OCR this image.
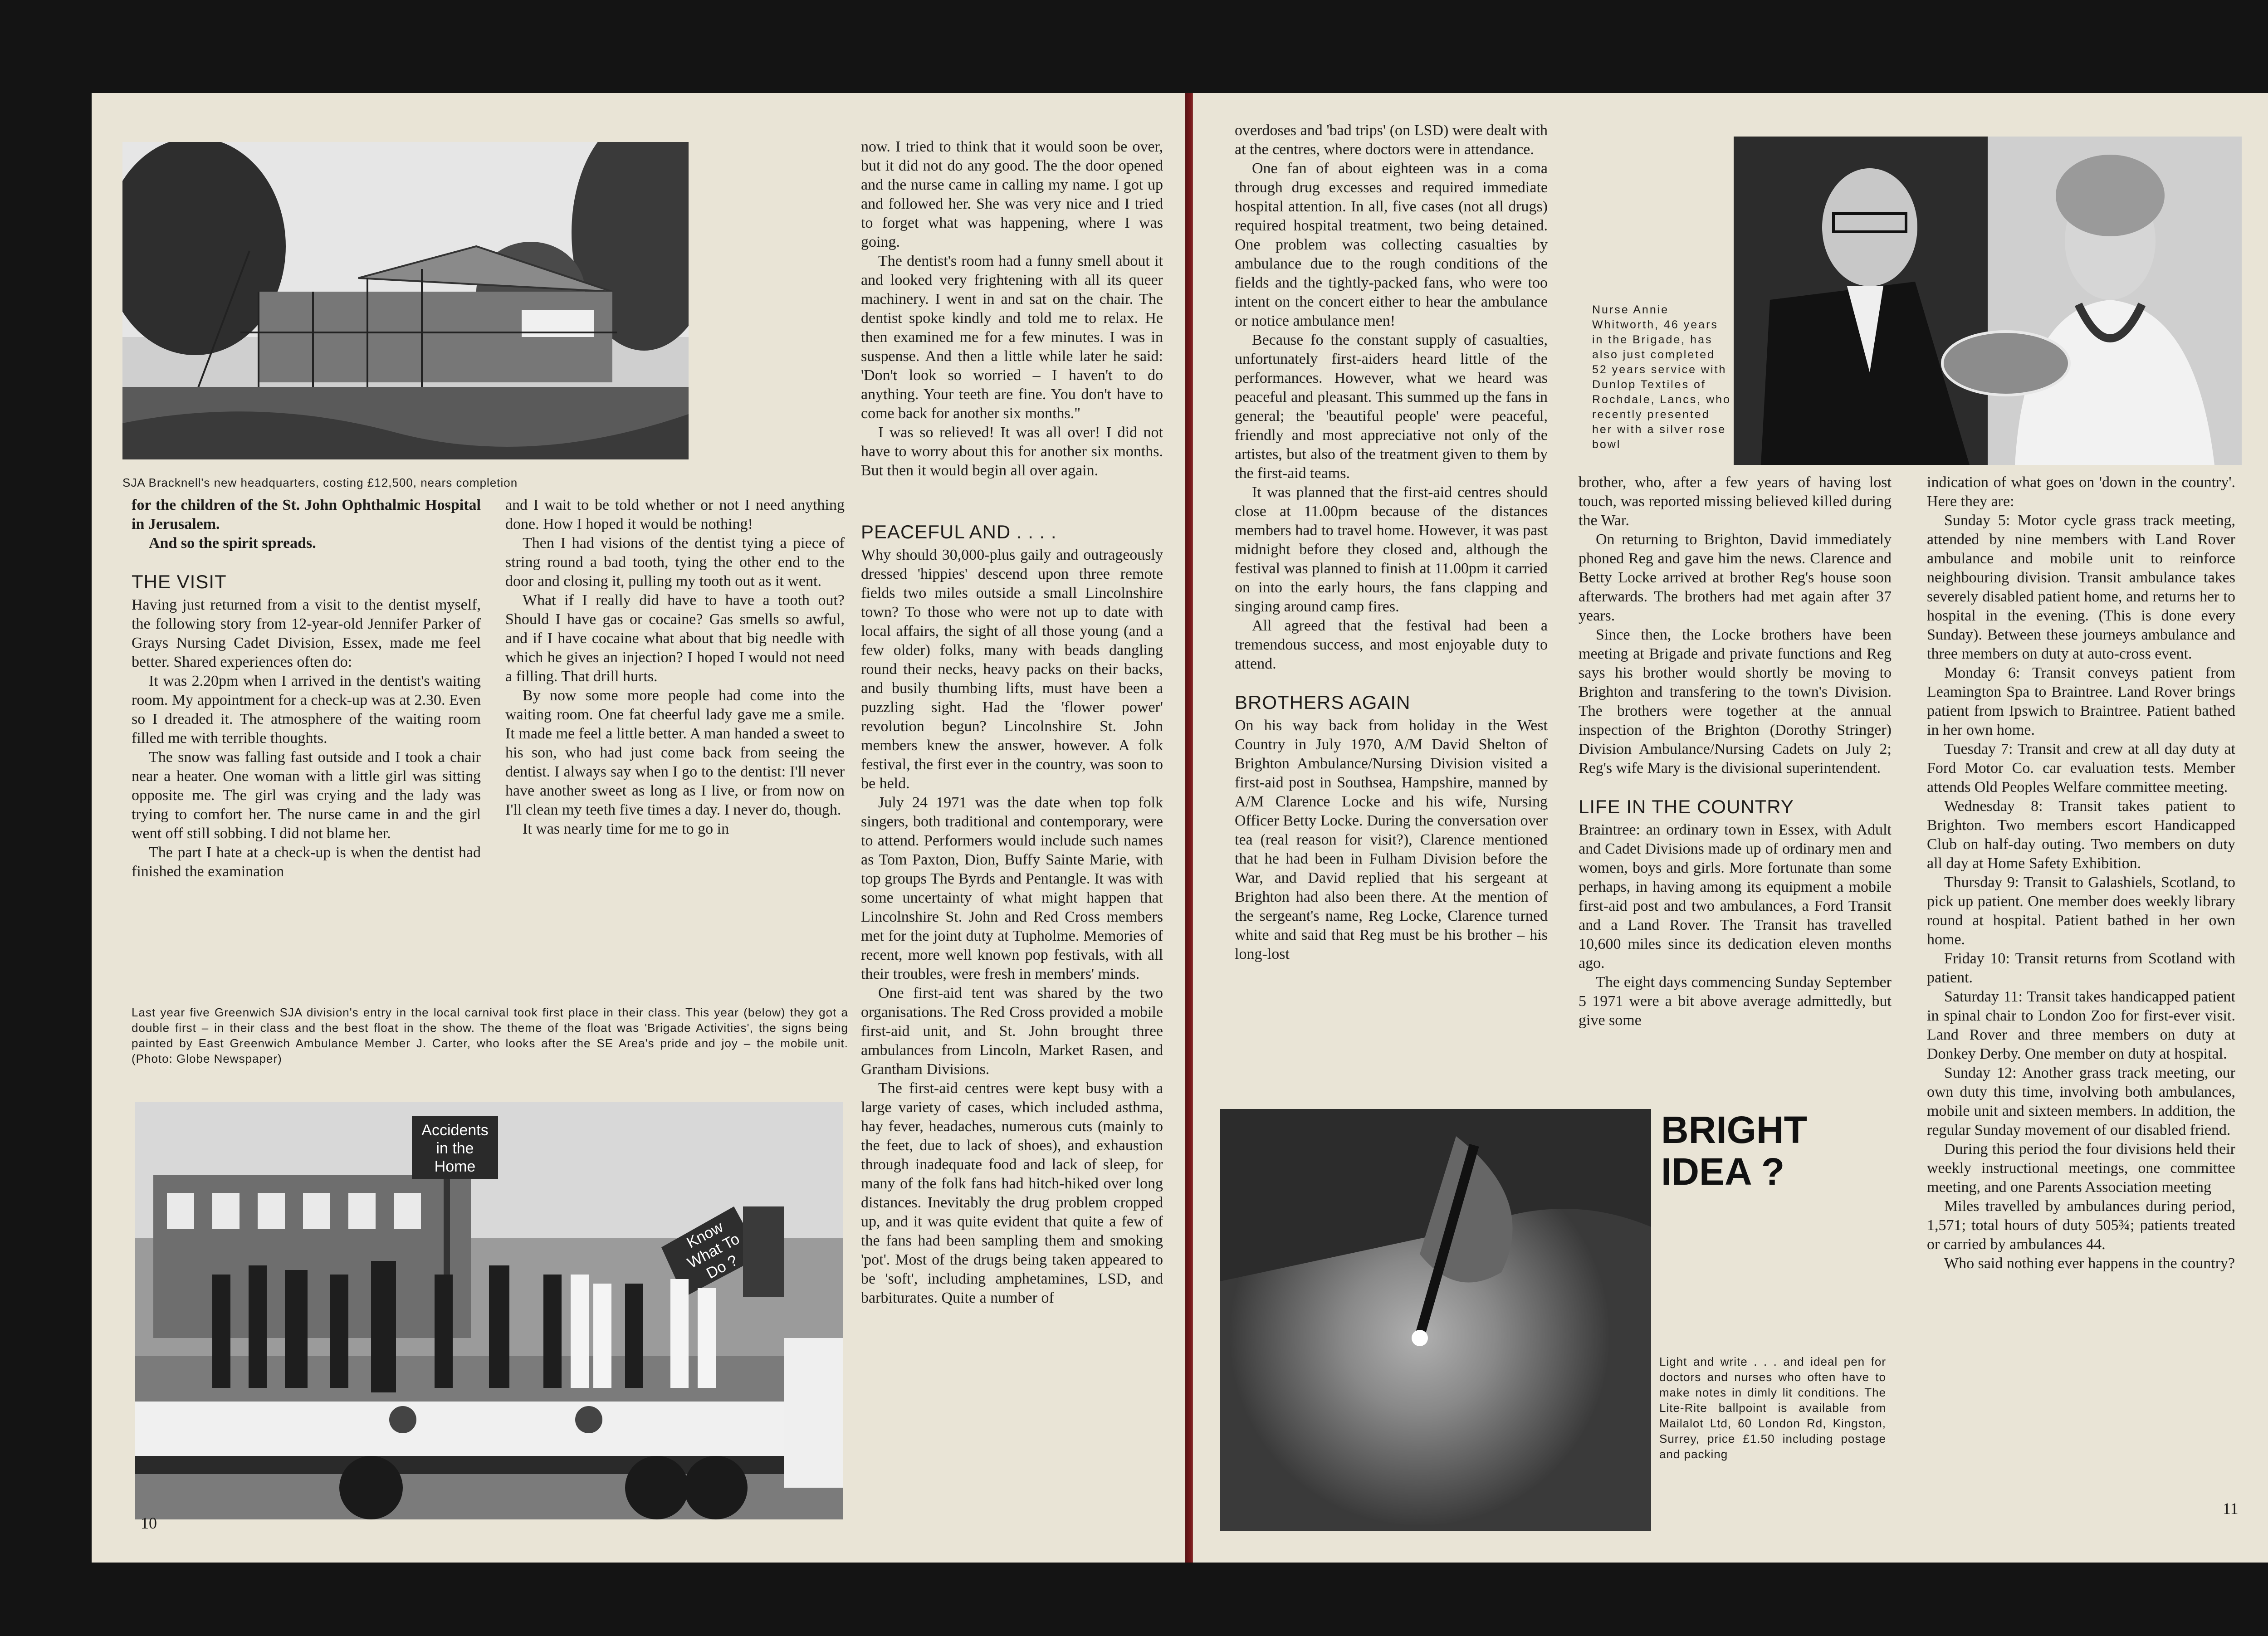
SJA Bracknell's new headquarters, costing £12,500, nears completion

for the children of the St. John Ophthalmic Hospital in Jerusalem.

And so the spirit spreads.

THE VISIT

Having just returned from a visit to the dentist myself, the following story from 12-year-old Jennifer Parker of Grays Nursing Cadet Division, Essex, made me feel better. Shared experiences often do:

It was 2.20pm when I arrived in the dentist's waiting room. My appointment for a check-up was at 2.30. Even so I dreaded it. The atmosphere of the waiting room filled me with terrible thoughts.

The snow was falling fast outside and I took a chair near a heater. One woman with a little girl was sitting opposite me. The girl was crying and the lady was trying to comfort her. The nurse came in and the girl went off still sobbing. I did not blame her.

The part I hate at a check-up is when the dentist had finished the examination

and I wait to be told whether or not I need anything done. How I hoped it would be nothing!

Then I had visions of the dentist tying a piece of string round a bad tooth, tying the other end to the door and closing it, pulling my tooth out as it went.

What if I really did have to have a tooth out? Should I have gas or cocaine? Gas smells so awful, and if I have cocaine what about that big needle with which he gives an injection? I hoped I would not need a filling. That drill hurts.

By now some more people had come into the waiting room. One fat cheerful lady gave me a smile. It made me feel a little better. A man handed a sweet to his son, who had just come back from seeing the dentist. I always say when I go to the dentist: I'll never have another sweet as long as I live, or from now on I'll clean my teeth five times a day. I never do, though.

It was nearly time for me to go in

Last year five Greenwich SJA division's entry in the local carnival took first place in their class. This year (below) they got a double first – in their class and the best float in the show. The theme of the float was 'Brigade Activities', the signs being painted by East Greenwich Ambulance Member J. Carter, who looks after the SE Area's pride and joy – the mobile unit. (Photo: Globe Newspaper)
Accidents in the Home
Know What To Do ?

now. I tried to think that it would soon be over, but it did not do any good. The the door opened and the nurse came in calling my name. I got up and followed her. She was very nice and I tried to forget what was happening, where I was going.

The dentist's room had a funny smell about it and looked very frightening with all its queer machinery. I went in and sat on the chair. The dentist spoke kindly and told me to relax. He then examined me for a few minutes. I was in suspense. And then a little while later he said: 'Don't look so worried – I haven't to do anything. Your teeth are fine. You don't have to come back for another six months."

I was so relieved! It was all over! I did not have to worry about this for another six months. But then it would begin all over again.

PEACEFUL AND . . . .

Why should 30,000-plus gaily and outrageously dressed 'hippies' descend upon three remote fields two miles outside a small Lincolnshire town? To those who were not up to date with local affairs, the sight of all those young (and a few older) folks, many with beads dangling round their necks, heavy packs on their backs, and busily thumbing lifts, must have been a puzzling sight. Had the 'flower power' revolution begun? Lincolnshire St. John members knew the answer, however. A folk festival, the first ever in the country, was soon to be held.

July 24 1971 was the date when top folk singers, both traditional and contemporary, were to attend. Performers would include such names as Tom Paxton, Dion, Buffy Sainte Marie, with top groups The Byrds and Pentangle. It was with some uncertainty of what might happen that Lincolnshire St. John and Red Cross members met for the joint duty at Tupholme. Memories of recent, more well known pop festivals, with all their troubles, were fresh in members' minds.

One first-aid tent was shared by the two organisations. The Red Cross provided a mobile first-aid unit, and St. John brought three ambulances from Lincoln, Market Rasen, and Grantham Divisions.

The first-aid centres were kept busy with a large variety of cases, which included asthma, hay fever, headaches, numerous cuts (mainly to the feet, due to lack of shoes), and exhaustion through inadequate food and lack of sleep, for many of the folk fans had hitch-hiked over long distances. Inevitably the drug problem cropped up, and it was quite evident that quite a few of the fans had been sampling them and smoking 'pot'. Most of the drugs being taken appeared to be 'soft', including amphetamines, LSD, and barbiturates. Quite a number of

10

overdoses and 'bad trips' (on LSD) were dealt with at the centres, where doctors were in attendance.

One fan of about eighteen was in a coma through drug excesses and required immediate hospital attention. In all, five cases (not all drugs) required hospital treatment, two being detained. One problem was collecting casualties by ambulance due to the rough conditions of the fields and the tightly-packed fans, who were too intent on the concert either to hear the ambulance or notice ambulance men!

Because fo the constant supply of casualties, unfortunately first-aiders heard little of the performances. However, what we heard was peaceful and pleasant. This summed up the fans in general; the 'beautiful people' were peaceful, friendly and most appreciative not only of the artistes, but also of the treatment given to them by the first-aid teams.

It was planned that the first-aid centres should close at 11.00pm because of the distances members had to travel home. However, it was past midnight before they closed and, although the festival was planned to finish at 11.00pm it carried on into the early hours, the fans clapping and singing around camp fires.

All agreed that the festival had been a tremendous success, and most enjoyable duty to attend.

BROTHERS AGAIN

On his way back from holiday in the West Country in July 1970, A/M David Shelton of Brighton Ambulance/Nursing Division visited a first-aid post in Southsea, Hampshire, manned by A/M Clarence Locke and his wife, Nursing Officer Betty Locke. During the conversation over tea (real reason for visit?), Clarence mentioned that he had been in Fulham Division before the War, and David replied that his sergeant at Brighton had also been there. At the mention of the sergeant's name, Reg Locke, Clarence turned white and said that Reg must be his brother – his long-lost

Nurse Annie Whitworth, 46 years in the Brigade, has also just completed 52 years service with Dunlop Textiles of Rochdale, Lancs, who recently presented her with a silver rose bowl

brother, who, after a few years of having lost touch, was reported missing believed killed during the War.

On returning to Brighton, David immediately phoned Reg and gave him the news. Clarence and Betty Locke arrived at brother Reg's house soon afterwards. The brothers had met again after 37 years.

Since then, the Locke brothers have been meeting at Brigade and private functions and Reg says his brother would shortly be moving to Brighton and transfering to the town's Division. The brothers were together at the annual inspection of the Brighton (Dorothy Stringer) Division Ambulance/Nursing Cadets on July 2; Reg's wife Mary is the divisional superintendent.

LIFE IN THE COUNTRY

Braintree: an ordinary town in Essex, with Adult and Cadet Divisions made up of ordinary men and women, boys and girls. More fortunate than some perhaps, in having among its equipment a mobile first-aid post and two ambulances, a Ford Transit and a Land Rover. The Transit has travelled 10,600 miles since its dedication eleven months ago.

The eight days commencing Sunday September 5 1971 were a bit above average admittedly, but give some

indication of what goes on 'down in the country'. Here they are:

Sunday 5: Motor cycle grass track meeting, attended by nine members with Land Rover ambulance and mobile unit to reinforce neighbouring division. Transit ambulance takes severely disabled patient home, and returns her to hospital in the evening. (This is done every Sunday). Between these journeys ambulance and three members on duty at auto-cross event.

Monday 6: Transit conveys patient from Leamington Spa to Braintree. Land Rover brings patient from Ipswich to Braintree. Patient bathed in her own home.

Tuesday 7: Transit and crew at all day duty at Ford Motor Co. car evaluation tests. Member attends Old Peoples Welfare committee meeting.

Wednesday 8: Transit takes patient to Brighton. Two members escort Handicapped Club on half-day outing. Two members on duty all day at Home Safety Exhibition.

Thursday 9: Transit to Galashiels, Scotland, to pick up patient. One member does weekly library round at hospital. Patient bathed in her own home.

Friday 10: Transit returns from Scotland with patient.

Saturday 11: Transit takes handicapped patient in spinal chair to London Zoo for first-ever visit. Land Rover and three members on duty at Donkey Derby. One member on duty at hospital.

Sunday 12: Another grass track meeting, our own duty this time, involving both ambulances, mobile unit and sixteen members. In addition, the regular Sunday movement of our disabled friend.

During this period the four divisions held their weekly instructional meetings, one committee meeting, and one Parents Association meeting

Miles travelled by ambulances during period, 1,571; total hours of duty 505¾; patients treated or carried by ambulances 44.

Who said nothing ever happens in the country?

BRIGHT IDEA ?
Light and write . . . and ideal pen for doctors and nurses who often have to make notes in dimly lit conditions. The Lite-Rite ballpoint is available from Mailalot Ltd, 60 London Rd, Kingston, Surrey, price £1.50 including postage and packing
11
